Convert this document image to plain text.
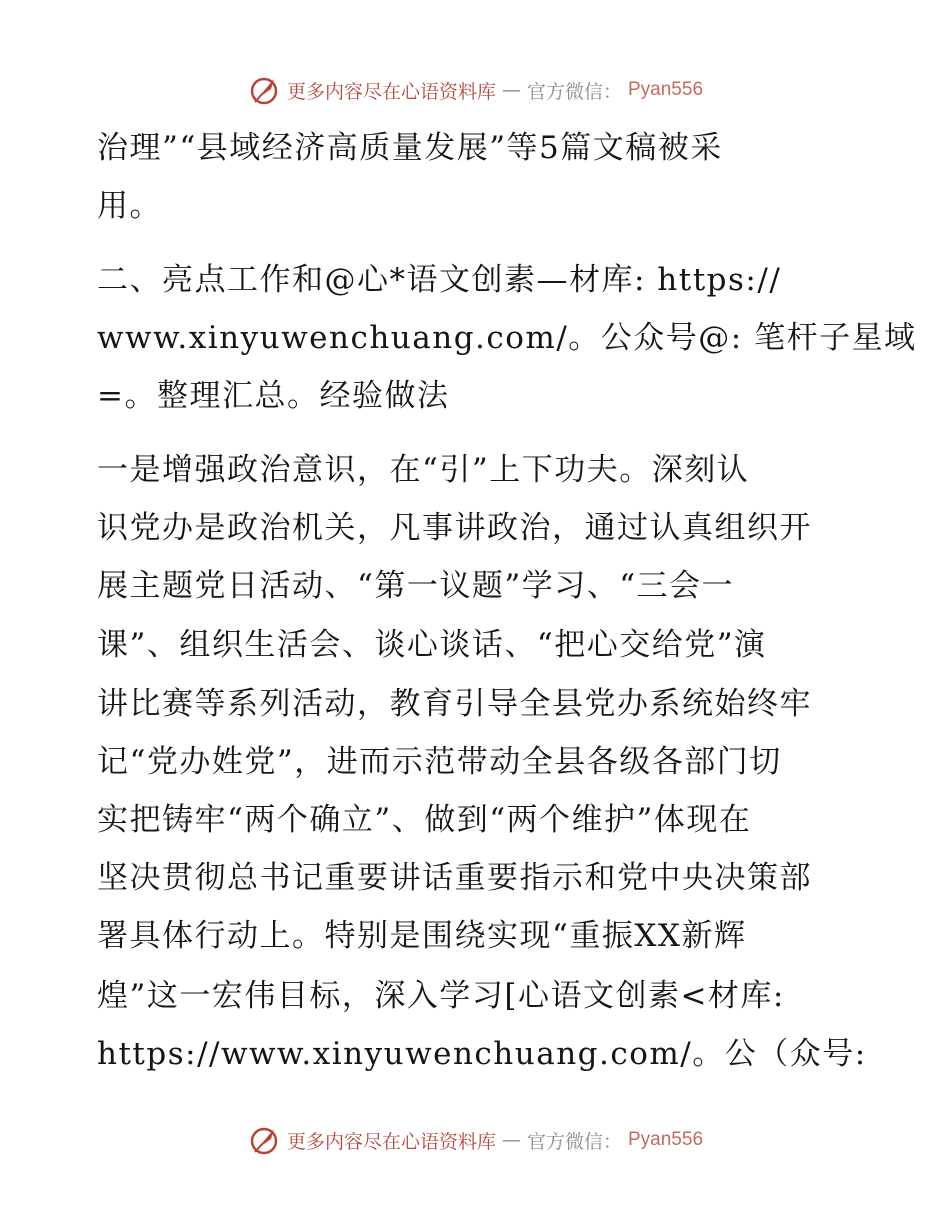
更多内容尽在心语资料库 — 官方微信： Pyan556
治理”“县域经济高质量发展”等5篇文稿被采
用。
二、亮点工作和@心*语文创素—材库: https://
www.xinyuwenchuang.com/。公众号@: 笔杆子星域
=。整理汇总。经验做法
一是增强政治意识，在“引”上下功夫。深刻认
识党办是政治机关，凡事讲政治，通过认真组织开
展主题党日活动、“第一议题”学习、“三会一
课”、组织生活会、谈心谈话、“把心交给党”演
讲比赛等系列活动，教育引导全县党办系统始终牢
记“党办姓党”，进而示范带动全县各级各部门切
实把铸牢“两个确立”、做到“两个维护”体现在
坚决贯彻总书记重要讲话重要指示和党中央决策部
署具体行动上。特别是围绕实现“重振XX新辉
煌”这一宏伟目标，深入学习[心语文创素<材库:
https://www.xinyuwenchuang.com/。公（众号:
更多内容尽在心语资料库 — 官方微信： Pyan556
